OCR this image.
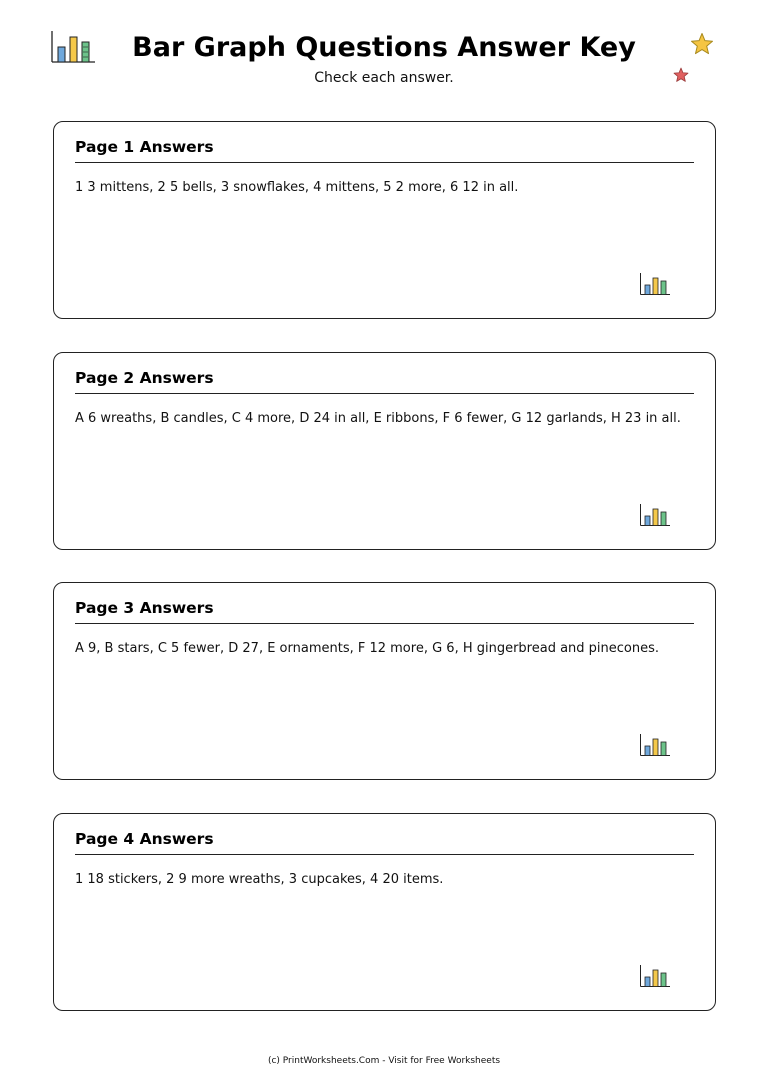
Bar Graph Questions Answer Key
Check each answer.
Page 1 Answers
1 3 mittens, 2 5 bells, 3 snowflakes, 4 mittens, 5 2 more, 6 12 in all.
Page 2 Answers
A 6 wreaths, B candles, C 4 more, D 24 in all, E ribbons, F 6 fewer, G 12 garlands, H 23 in all.
Page 3 Answers
A 9, B stars, C 5 fewer, D 27, E ornaments, F 12 more, G 6, H gingerbread and pinecones.
Page 4 Answers
1 18 stickers, 2 9 more wreaths, 3 cupcakes, 4 20 items.
(c) PrintWorksheets.Com - Visit for Free Worksheets
